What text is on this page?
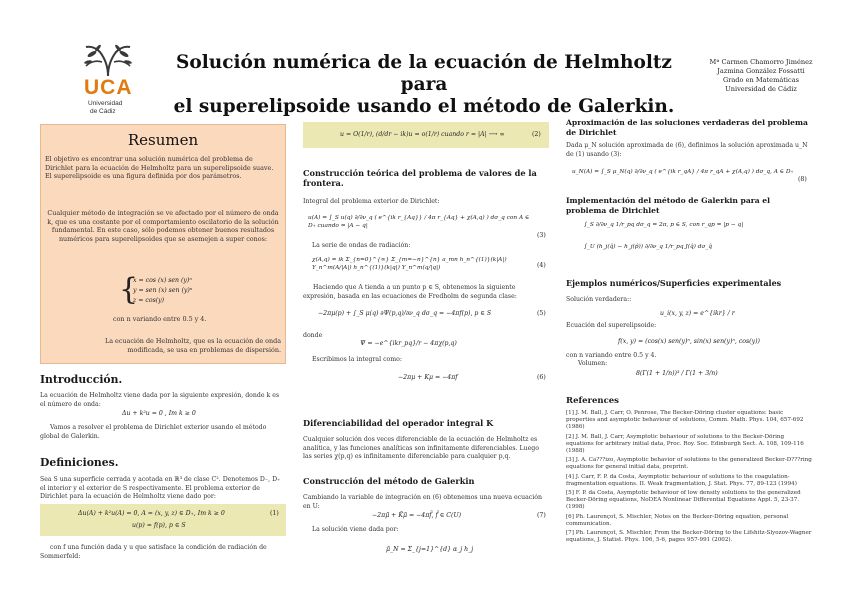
UCA
Universidad
de Cádiz
Solución numérica de la ecuación de Helmholtz para
el superelipsoide usando el método de Galerkin.
Mª Carmen Chamorro Jiménez
Jazmina González Fossatti
Grado en Matemáticas
Universidad de Cádiz
Resumen
El objetivo es encontrar una solución numérica del problema de Dirichlet para la ecuación de Helmholtz para un superelipsoide suave. El superelipsoide es una figura definida por dos parámetros.
Cualquier método de integración se ve afectado por el número de onda k, que es una costante por el comportamiento oscilatorio de la solución fundamental. En este caso, sólo podemos obtener buenos resultados numéricos para superelipsoides que se asemejen a super conos:
{
x = cos (x) sen (y)ⁿ
y = sen (x) sen (y)ⁿ
z = cos(y)
con n variando entre 0.5 y 4.
La ecuación de Helmholtz, que es la ecuación de onda modificada, se usa en problemas de dispersión.
Introducción.
La ecuación de Helmholtz viene dada por la siguiente expresión, donde k es el número de onda:
Δu + k²u = 0 , Im k ≥ 0
Vamos a resolver el problema de Dirichlet exterior usando el método global de Galerkin.
Definiciones.
Sea S una superficie cerrada y acotada en ℝ³ de clase C². Denotemos D₋, D₊ el interior y el exterior de S respectivamente. El problema exterior de Dirichlet para la ecuación de Helmholtz viene dado por:
Δu(A) + k²u(A) = 0, A = (x, y, z) ∈ D₊, Im k ≥ 0	(1)
u(p) = f(p), p ∈ S
con f una función dada y u que satisface la condición de radiación de Sommerfeld:
u = O(1/r), (d/dr − ik)u = o(1/r) cuando r = |A| ⟶ ∞	(2)
Construcción teórica del problema de valores de la frontera.
Integral del problema exterior de Dirichlet:
u(A) = ∫_S u(q) ∂/∂ν_q ( e^{ik r_{Aq}} / 4π r_{Aq} + χ(A,q) ) dσ_q con A ∈ D₊ cuando = |A − q|
(3)
La serie de ondas de radiación:
χ(A,q) = ik Σ_{n=0}^{∞} Σ_{m=−n}^{n} a_mn h_n^{(1)}(k|A|) Y_n^m(A/|A|) h_n^{(1)}(k|q|) Y_n^m(q/|q|)	(4)
Haciendo que A tienda a un punto p ∈ S, obtenemos la siguiente expresión, basada en las ecuaciones de Fredholm de segunda clase:
−2πμ(p) + ∫_S μ(q) ∂Ψ(p,q)/∂ν_q dσ_q = −4πf(p), p ∈ S	(5)
donde
Ψ = −e^{ikr_pq}/r − 4πχ(p,q)
Escribimos la integral como:
−2πμ + Kμ = −4πf	(6)
Diferenciabilidad del operador integral K
Cualquier solución dos veces diferenciable de la ecuación de Helmholtz es analítica, y las funciones analíticas son infinitamente diferenciables. Luego las series χ(p,q) es infinitamente diferenciable para cualquier p,q.
Construcción del método de Galerkin
Cambiando la variable de integración en (6) obtenemos una nueva ecuación en U:
−2πμ̃ + K̃μ̃ = −4πf̃, f̃ ∈ C(U)	(7)
La solución viene dada por:
μ̃_N = Σ_{j=1}^{d} α_j h_j
Aproximación de las soluciones verdaderas del problema de Dirichlet
Dada μ_N solución aproximada de (6), definimos la solución aproximada u_N de (1) usando (3):
u_N(A) = ∫_S μ_N(q) ∂/∂ν_q ( e^{ik r_qA} / 4π r_qA + χ(A,q) ) dσ_q, A ∈ D₊
(8)
Implementación del método de Galerkin para el problema de Dirichlet
∫_S ∂/∂ν_q 1/r_pq dσ_q = 2π, p ∈ S, con r_qp = |p − q|
∫_U (h_j(q̂) − h_j(p̂)) ∂/∂ν_q 1/r_pq J(q̂) dσ_q̂
Ejemplos numéricos/Superficies experimentales
Solución verdadera::
u_i(x, y, z) = e^{ikr} / r
Ecuación del superelipsoide:
f(x, y) = (cos(x) sen(y)ⁿ, sin(x) sen(y)ⁿ, cos(y))
con n variando entre 0.5 y 4.
Volumen:
8(Γ(1 + 1/n))³ / Γ(1 + 3/n)
References
[1] J. M. Ball, J. Carr, O. Penrose, The Becker-Döring cluster equations: basic properties and asymptotic behaviour of solutions, Comm. Math. Phys. 104, 657-692 (1986)
[2] J. M. Ball, J. Carr, Asymptotic behaviour of solutions to the Becker-Döring equations for arbitrary initial data, Proc. Roy. Soc. Edinburgh Sect. A. 108, 109-116 (1988)
[3] J. A. Ca???izo, Asymptotic behavior of solutions to the generalized Becker-D???ring equations for general initial data, preprint.
[4] J. Carr, F. P. da Costa, Asymptotic behaviour of solutions to the coagulation-fragmentation equations. II. Weak fragmentation, J. Stat. Phys. 77, 89-123 (1994)
[5] F. P. da Costa, Asymptotic behaviour of low density solutions to the generalized Becker-Döring equations, NoDEA Nonlinear Differential Equations Appl. 5, 23-37. (1998)
[6] Ph. Laurençot, S. Mischler, Notes on the Becker-Döring equation, personal communication.
[7] Ph. Laurençot, S. Mischler, From the Becker-Döring to the Lifshitz-Slyozov-Wagner equations, J. Statist. Phys. 106, 5-6, pages 957-991 (2002).
